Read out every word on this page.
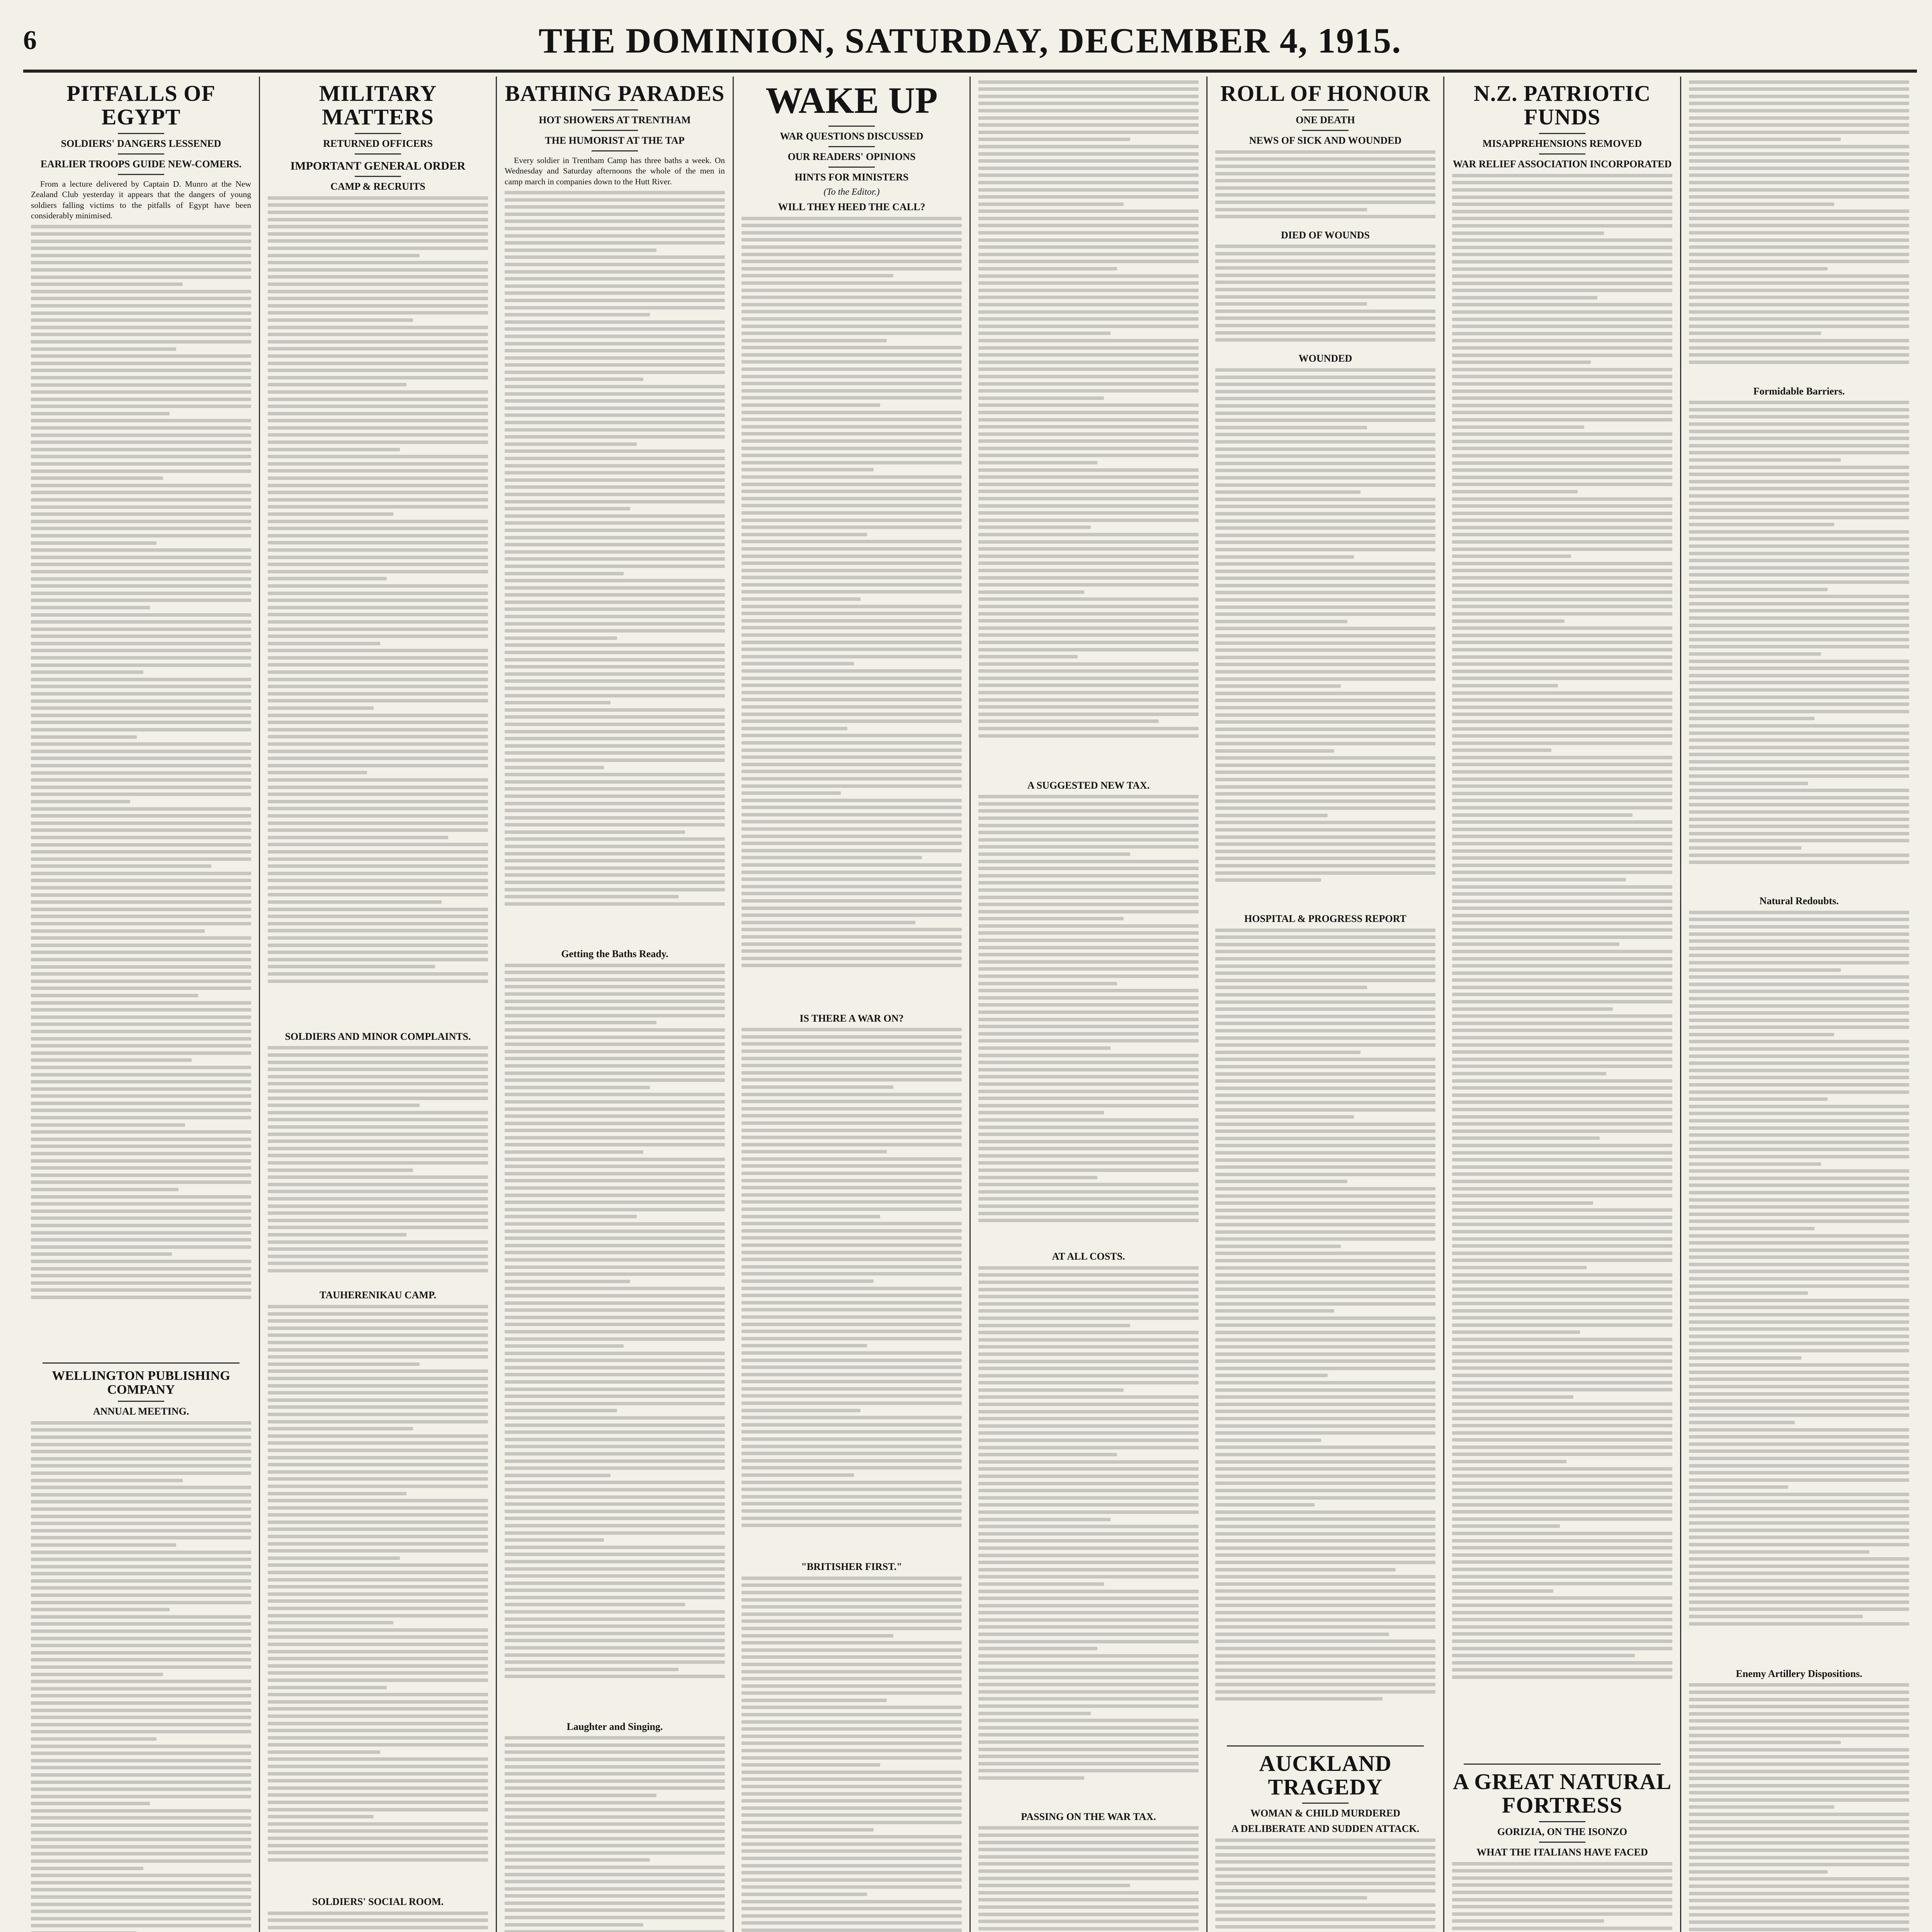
6	THE DOMINION, SATURDAY, DECEMBER 4, 1915.
PITFALLS OF EGYPT
SOLDIERS' DANGERS LESSENED
EARLIER TROOPS GUIDE NEW-COMERS.

From a lecture delivered by Captain D. Munro at the New Zealand Club yesterday it appears that the dangers of young soldiers falling victims to the pitfalls of Egypt have been considerably minimised.

WELLINGTON PUBLISHING COMPANY
ANNUAL MEETING.
MILITARY MATTERS
RETURNED OFFICERS
IMPORTANT GENERAL ORDER
CAMP & RECRUITS
SOLDIERS AND MINOR COMPLAINTS.
TAUHERENIKAU CAMP.
SOLDIERS' SOCIAL ROOM.
BATHING PARADES
HOT SHOWERS AT TRENTHAM
THE HUMORIST AT THE TAP

Every soldier in Trentham Camp has three baths a week. On Wednesday and Saturday afternoons the whole of the men in camp march in companies down to the Hutt River.

Getting the Baths Ready.
Laughter and Singing.
WAKE UP
WAR QUESTIONS DISCUSSED
OUR READERS' OPINIONS
HINTS FOR MINISTERS
(To the Editor.)
WILL THEY HEED THE CALL?
IS THERE A WAR ON?
"BRITISHER FIRST."
A SUGGESTED NEW TAX.
AT ALL COSTS.
PASSING ON THE WAR TAX.
ROLL OF HONOUR
ONE DEATH
NEWS OF SICK AND WOUNDED
DIED OF WOUNDS
WOUNDED
HOSPITAL & PROGRESS REPORT
AUCKLAND TRAGEDY
WOMAN & CHILD MURDERED
A DELIBERATE AND SUDDEN ATTACK.
N.Z. PATRIOTIC FUNDS
MISAPPREHENSIONS REMOVED
WAR RELIEF ASSOCIATION INCORPORATED
A GREAT NATURAL FORTRESS
GORIZIA, ON THE ISONZO
WHAT THE ITALIANS HAVE FACED
Formidable Barriers.
Natural Redoubts.
Enemy Artillery Dispositions.
